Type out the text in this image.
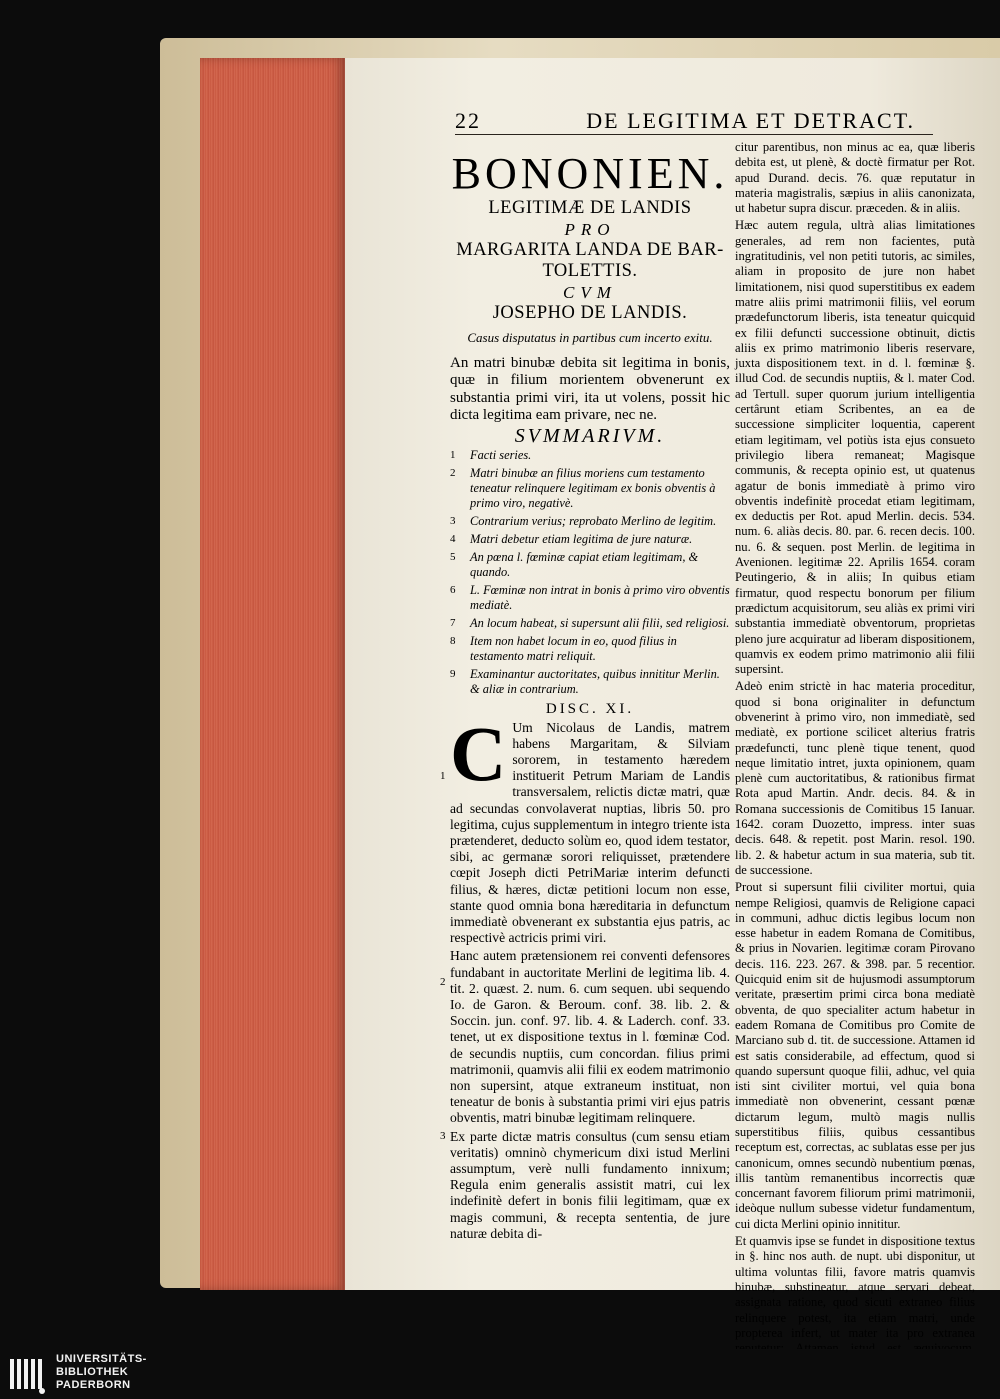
22	DE LEGITIMA ET DETRACT.
BONONIEN.
LEGITIMÆ DE LANDIS
PRO
MARGARITA LANDA DE BAR-
TOLETTIS.
CVM
JOSEPHO DE LANDIS.
Casus disputatus in partibus cum incerto exitu.
An matri binubæ debita sit legitima in bonis, quæ in filium morientem obvenerunt ex substantia primi viri, ita ut volens, possit hic dicta legitima eam privare, nec ne.
SVMMARIVM.
1	Facti series.
2	Matri binubæ an filius moriens cum testamento teneatur relinquere legitimam ex bonis obventis à primo viro, negativè.
3	Contrarium verius; reprobato Merlino de legitim.
4	Matri debetur etiam legitima de jure naturæ.
5	An pœna l. fœminæ capiat etiam legitimam, & quando.
6	L. Fœminæ non intrat in bonis à primo viro obventis mediatè.
7	An locum habeat, si supersunt alii filii, sed religiosi.
8	Item non habet locum in eo, quod filius in testamento matri reliquit.
9	Examinantur auctoritates, quibus innititur Merlin. & aliæ in contrarium.
DISC. XI.
C Um Nicolaus de Landis, matrem habens Margaritam, & Silviam sororem, in testamento hæredem instituerit Petrum Mariam de Landis transversalem, relictis dictæ matri, quæ ad secundas convolaverat nuptias, libris 50. pro legitima, cujus supplementum in integro triente ista prætenderet, deducto solùm eo, quod idem testator, sibi, ac germanæ sorori reliquisset, prætendere cœpit Joseph dicti PetriMariæ interim defuncti filius, & hæres, dictæ petitioni locum non esse, stante quod omnia bona hæreditaria in defunctum immediatè obvenerant ex substantia ejus patris, ac respectivè actricis primi viri.

Hanc autem prætensionem rei conventi defensores fundabant in auctoritate Merlini de legitima lib. 4. tit. 2. quæst. 2. num. 6. cum sequen. ubi sequendo Io. de Garon. & Beroum. conf. 38. lib. 2. & Soccin. jun. conf. 97. lib. 4. & Laderch. conf. 33. tenet, ut ex dispositione textus in l. fœminæ Cod. de secundis nuptiis, cum concordan. filius primi matrimonii, quamvis alii filii ex eodem matrimonio non supersint, atque extraneum instituat, non teneatur de bonis à substantia primi viri ejus patris obventis, matri binubæ legitimam relinquere.

Ex parte dictæ matris consultus (cum sensu etiam veritatis) omninò chymericum dixi istud Merlini assumptum, verè nulli fundamento innixum; Regula enim generalis assistit matri, cui lex indefinitè defert in bonis filii legitimam, quæ ex magis communi, & recepta sententia, de jure naturæ debita di-

1
2
3

citur parentibus, non minus ac ea, quæ liberis debita est, ut plenè, & doctè firmatur per Rot. apud Durand. decis. 76. quæ reputatur in materia magistralis, sæpius in aliis canonizata, ut habetur supra discur. præceden. & in aliis.

Hæc autem regula, ultrà alias limitationes generales, ad rem non facientes, putà ingratitudinis, vel non petiti tutoris, ac similes, aliam in proposito de jure non habet limitationem, nisi quod superstitibus ex eadem matre aliis primi matrimonii filiis, vel eorum prædefunctorum liberis, ista teneatur quicquid ex filii defuncti successione obtinuit, dictis aliis ex primo matrimonio liberis reservare, juxta dispositionem text. in d. l. fœminæ §. illud Cod. de secundis nuptiis, & l. mater Cod. ad Tertull. super quorum jurium intelligentia certârunt etiam Scribentes, an ea de successione simpliciter loquentia, caperent etiam legitimam, vel potiùs ista ejus consueto privilegio libera remaneat; Magisque communis, & recepta opinio est, ut quatenus agatur de bonis immediatè à primo viro obventis indefinitè procedat etiam legitimam, ex deductis per Rot. apud Merlin. decis. 534. num. 6. aliàs decis. 80. par. 6. recen decis. 100. nu. 6. & sequen. post Merlin. de legitima in Avenionen. legitimæ 22. Aprilis 1654. coram Peutingerio, & in aliis; In quibus etiam firmatur, quod respectu bonorum per filium prædictum acquisitorum, seu aliàs ex primi viri substantia immediatè obventorum, proprietas pleno jure acquiratur ad liberam dispositionem, quamvis ex eodem primo matrimonio alii filii supersint.

Adeò enim strictè in hac materia proceditur, quod si bona originaliter in defunctum obvenerint à primo viro, non immediatè, sed mediatè, ex portione scilicet alterius fratris prædefuncti, tunc plenè tique tenent, quod neque limitatio intret, juxta opinionem, quam plenè cum auctoritatibus, & rationibus firmat Rota apud Martin. Andr. decis. 84. & in Romana successionis de Comitibus 15 Ianuar. 1642. coram Duozetto, impress. inter suas decis. 648. & repetit. post Marin. resol. 190. lib. 2. & habetur actum in sua materia, sub tit. de successione.

Prout si supersunt filii civiliter mortui, quia nempe Religiosi, quamvis de Religione capaci in communi, adhuc dictis legibus locum non esse habetur in eadem Romana de Comitibus, & prius in Novarien. legitimæ coram Pirovano decis. 116. 223. 267. & 398. par. 5 recentior. Quicquid enim sit de hujusmodi assumptorum veritate, præsertim primi circa bona mediatè obventa, de quo specialiter actum habetur in eadem Romana de Comitibus pro Comite de Marciano sub d. tit. de successione. Attamen id est satis considerabile, ad effectum, quod si quando supersunt quoque filii, adhuc, vel quia isti sint civiliter mortui, vel quia bona immediatè non obvenerint, cessant pœnæ dictarum legum, multò magis nullis superstitibus filiis, quibus cessantibus receptum est, correctas, ac sublatas esse per jus canonicum, omnes secundò nubentium pœnas, illis tantùm remanentibus incorrectis quæ concernant favorem filiorum primi matrimonii, ideòque nullum subesse videtur fundamentum, cui dicta Merlini opinio innititur.

Et quamvis ipse se fundet in dispositione textus in §. hinc nos auth. de nupt. ubi disponitur, ut ultima voluntas filii, favore matris quamvis binubæ, substineatur, atque servari debeat, assignata ratione, quod sicuti extraneo filius relinquere potest, ita etiam matri, unde propterea infert, ut mater ita pro extranea

UNIVERSITÄTS-
BIBLIOTHEK
PADERBORN
